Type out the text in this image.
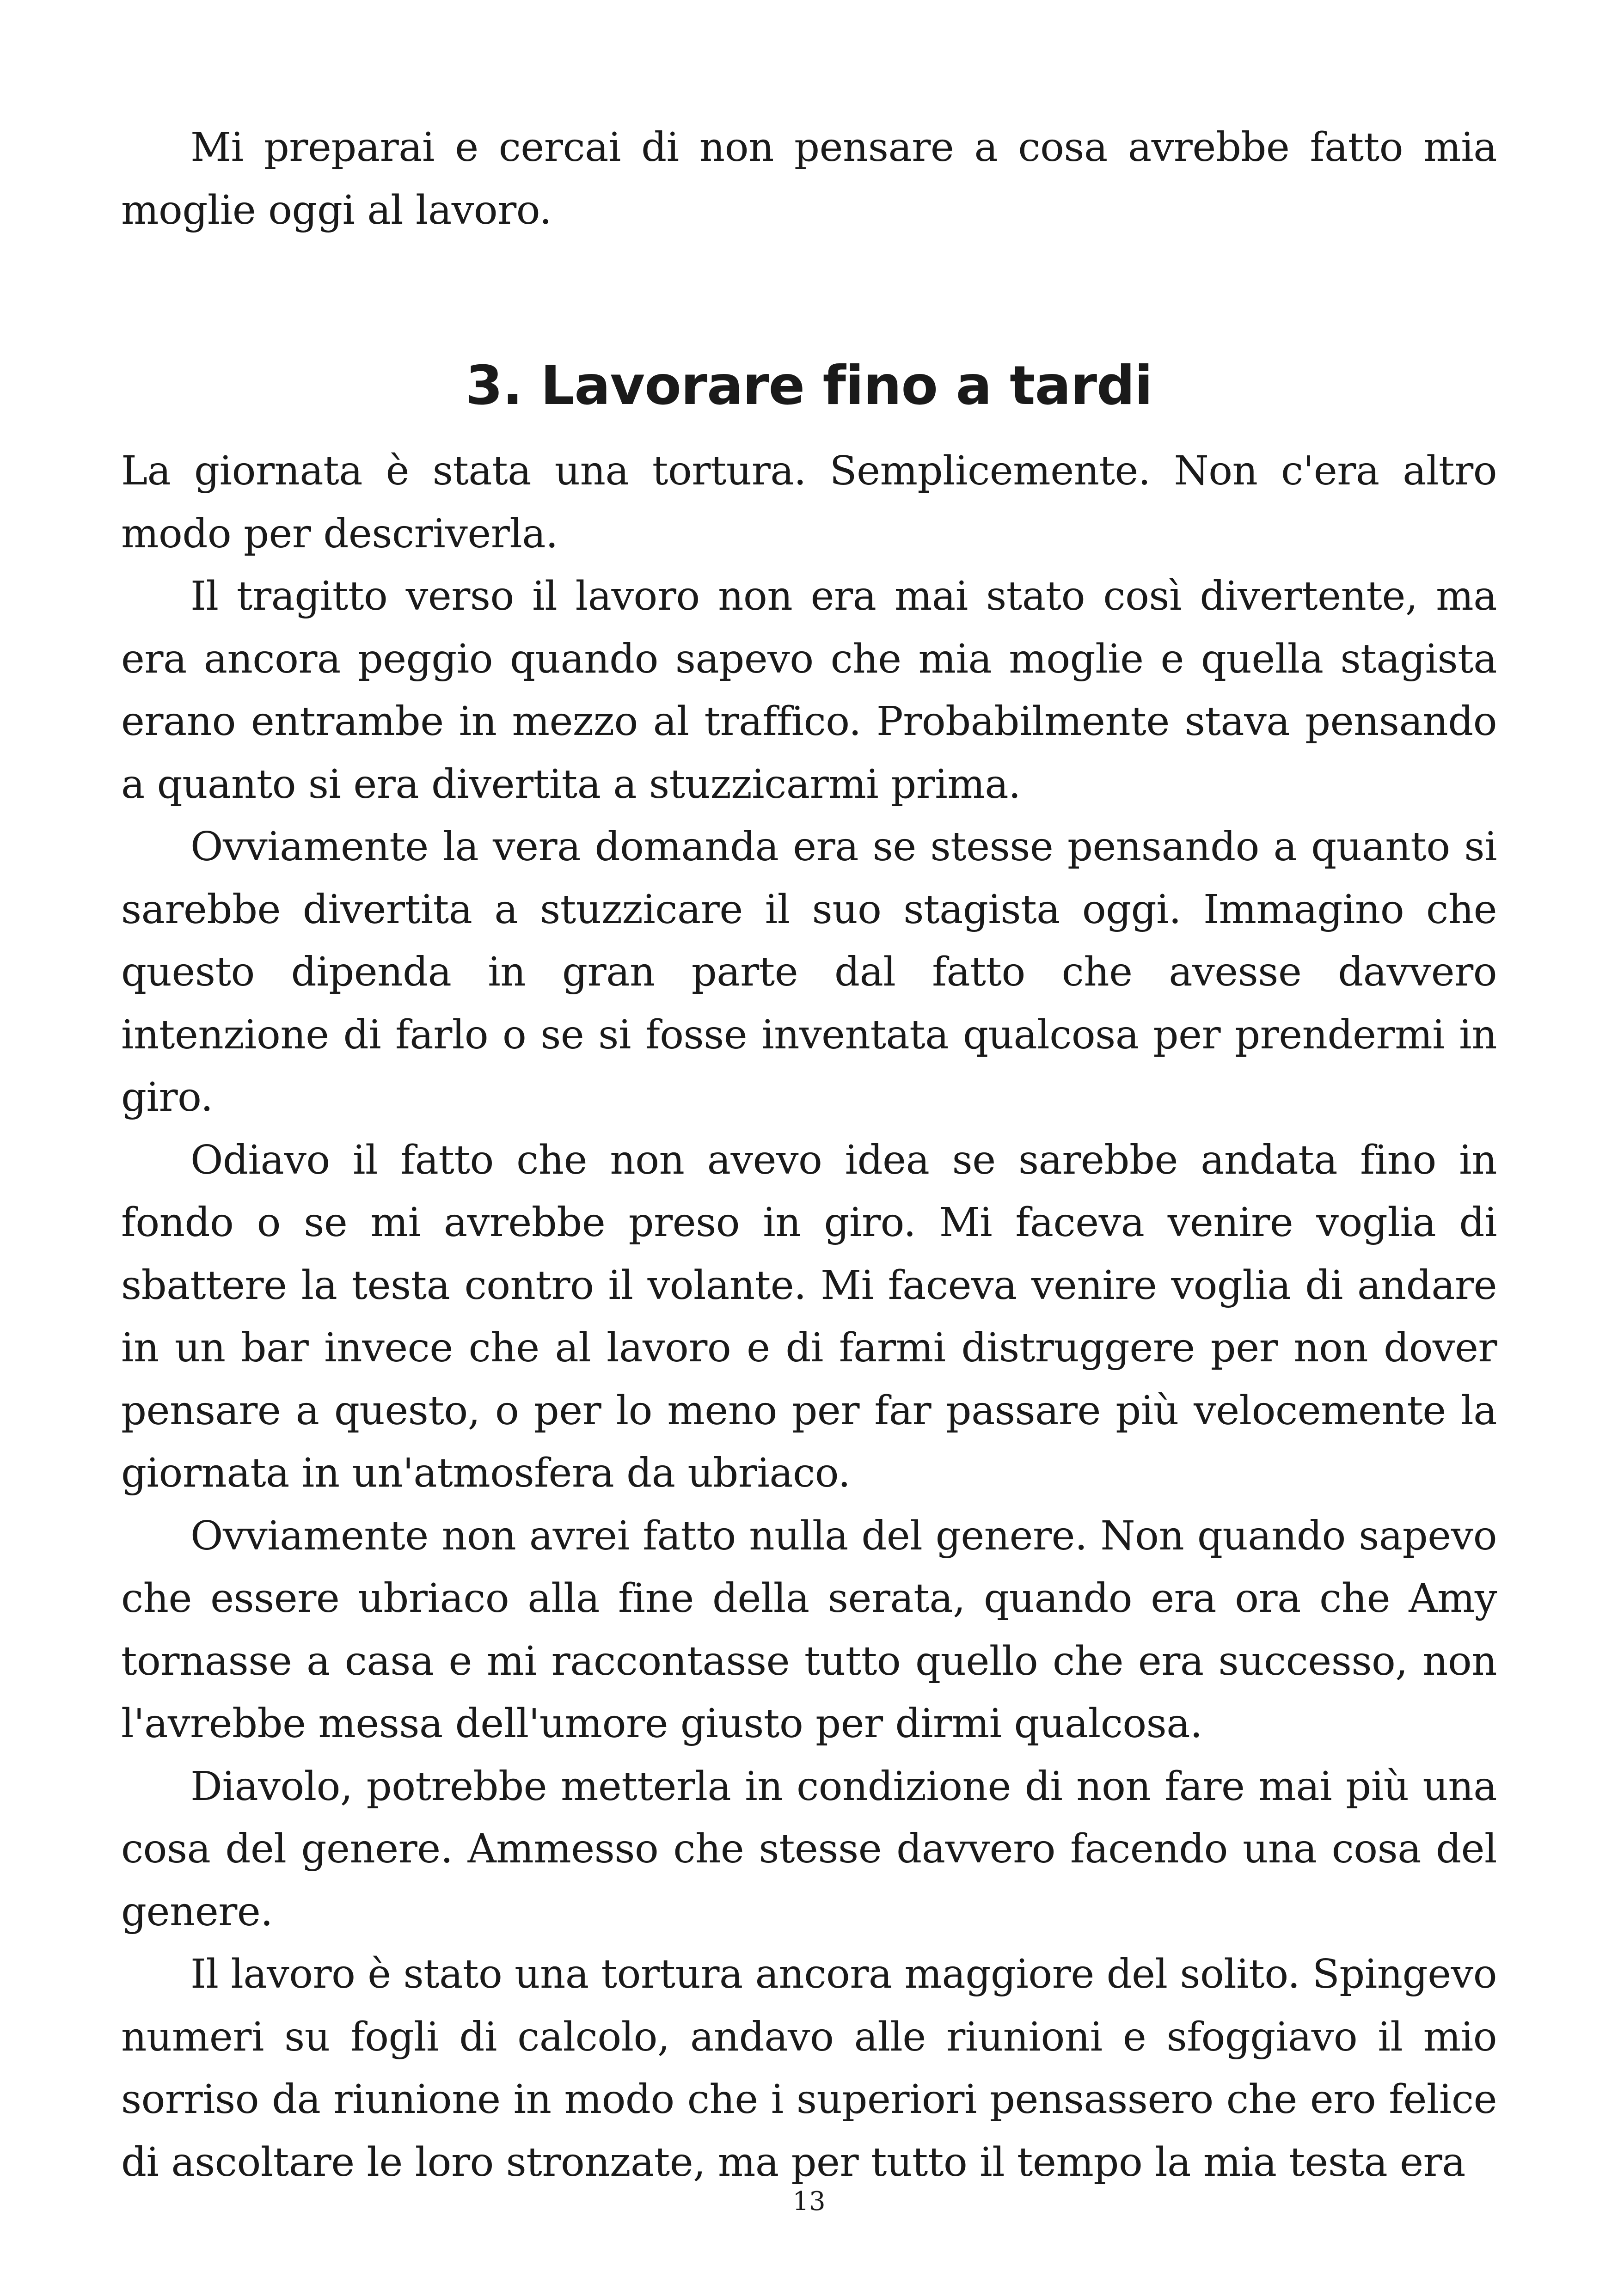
Mi preparai e cercai di non pensare a cosa avrebbe fatto mia moglie oggi al lavoro.

3. Lavorare fino a tardi

La giornata è stata una tortura. Semplicemente. Non c'era altro modo per descriverla.

Il tragitto verso il lavoro non era mai stato così divertente, ma era ancora peggio quando sapevo che mia moglie e quella stagista erano entrambe in mezzo al traffico. Probabilmente stava pensando a quanto si era divertita a stuzzicarmi prima.

Ovviamente la vera domanda era se stesse pensando a quanto si sarebbe divertita a stuzzicare il suo stagista oggi. Immagino che questo dipenda in gran parte dal fatto che avesse davvero intenzione di farlo o se si fosse inventata qualcosa per prendermi in giro.

Odiavo il fatto che non avevo idea se sarebbe andata fino in fondo o se mi avrebbe preso in giro. Mi faceva venire voglia di sbattere la testa contro il volante. Mi faceva venire voglia di andare in un bar invece che al lavoro e di farmi distruggere per non dover pensare a questo, o per lo meno per far passare più velocemente la giornata in un'atmosfera da ubriaco.

Ovviamente non avrei fatto nulla del genere. Non quando sapevo che essere ubriaco alla fine della serata, quando era ora che Amy tornasse a casa e mi raccontasse tutto quello che era successo, non l'avrebbe messa dell'umore giusto per dirmi qualcosa.

Diavolo, potrebbe metterla in condizione di non fare mai più una cosa del genere. Ammesso che stesse davvero facendo una cosa del genere.

Il lavoro è stato una tortura ancora maggiore del solito. Spingevo numeri su fogli di calcolo, andavo alle riunioni e sfoggiavo il mio sorriso da riunione in modo che i superiori pensassero che ero felice di ascoltare le loro stronzate, ma per tutto il tempo la mia testa era

13
